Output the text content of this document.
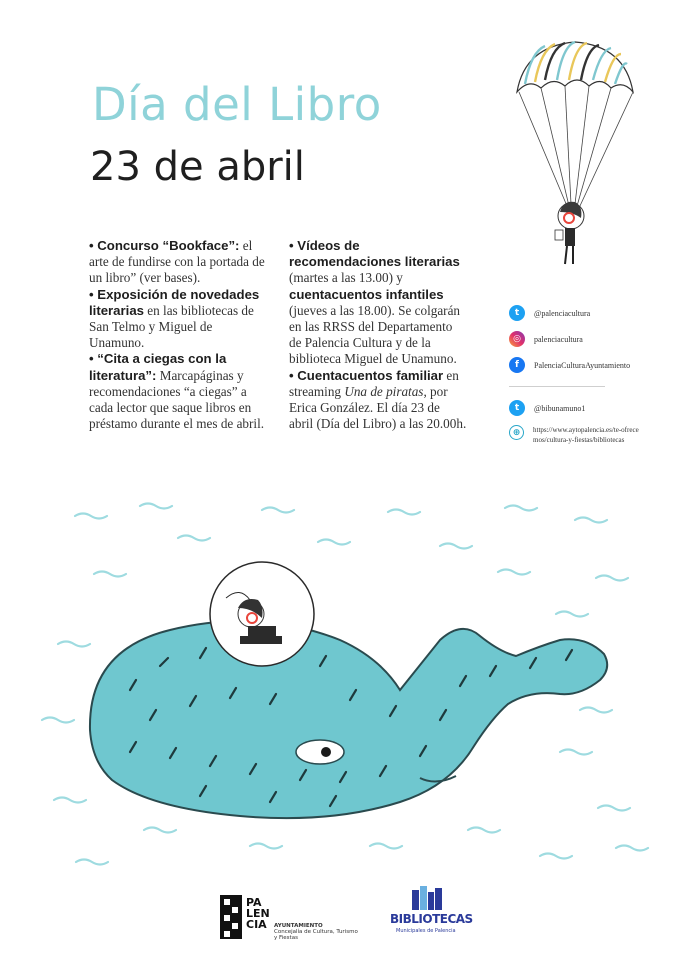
Día del Libro
23 de abril

• Concurso “Bookface”: el arte de fundirse con la portada de un libro” (ver bases).

• Exposición de novedades literarias en las bibliotecas de San Telmo y Miguel de Unamuno.

• “Cita a ciegas con la literatura”: Marcapáginas y recomendaciones “a ciegas” a cada lector que saque libros en préstamo durante el mes de abril.

• Vídeos de recomendaciones literarias (martes a las 13.00) y cuentacuentos infantiles (jueves a las 18.00). Se colgarán en las RRSS del Departamento de Palencia Cultura y de la biblioteca Miguel de Unamuno.

• Cuentacuentos familiar en streaming Una de piratas, por Erica González. El día 23 de abril (Día del Libro) a las 20.00h.

t	@palenciacultura
◎	palenciacultura
f	PalenciaCulturaAyuntamiento
t	@bibunamuno1
⊕	https://www.aytopalencia.es/te-ofrecemos/cultura-y-fiestas/bibliotecas
PA
LEN
CIA	AYUNTAMIENTO
Concejalía de Cultura, Turismo y Fiestas
BIBLIOTECAS
Municipales de Palencia
